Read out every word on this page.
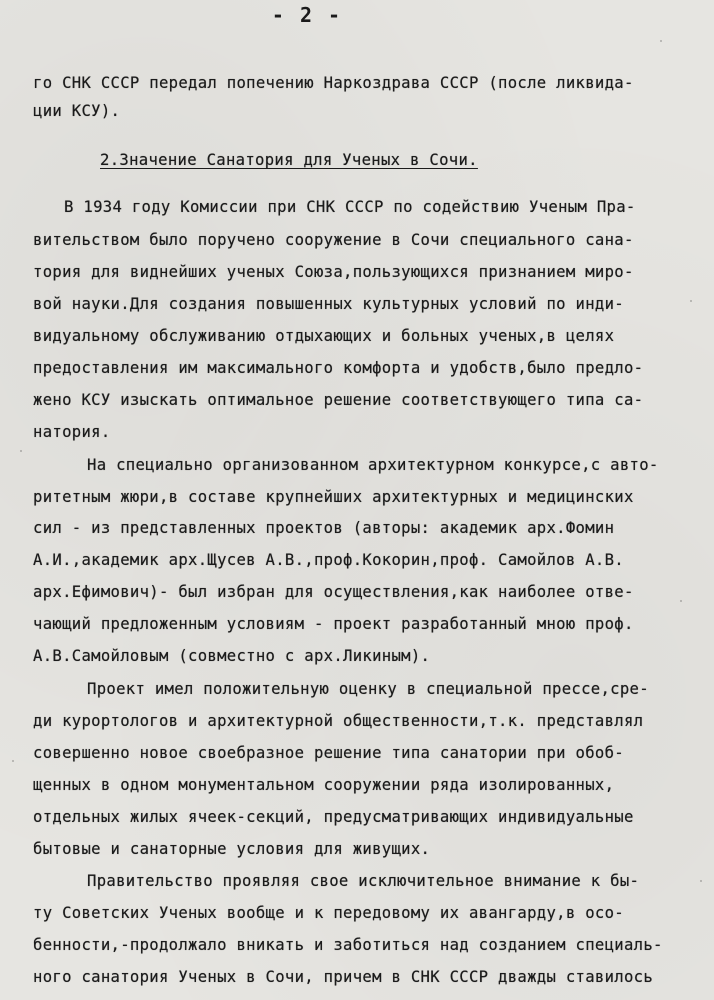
- 2 -
го СНК СССР передал попечению Наркоздрава СССР (после ликвида-
ции КСУ).
2.Значение Санатория для Ученых в Сочи.
В 1934 году Комиссии при СНК СССР по содействию Ученым Пра-
вительством было поручено сооружение в Сочи специального сана-
тория для виднейших ученых Союза,пользующихся признанием миро-
вой науки.Для создания повышенных культурных условий по инди-
видуальному обслуживанию отдыхающих и больных ученых,в целях
предоставления им максимального комфорта и удобств,было предло-
жено КСУ изыскать оптимальное решение соответствующего типа са-
натория.
На специально организованном архитектурном конкурсе,с авто-
ритетным жюри,в составе крупнейших архитектурных и медицинских
сил - из представленных проектов (авторы: академик арх.Фомин
А.И.,академик арх.Щусев А.В.,проф.Кокорин,проф. Самойлов А.В.
арх.Ефимович)- был избран для осуществления,как наиболее отве-
чающий предложенным условиям - проект разработанный мною проф.
А.В.Самойловым (совместно с арх.Ликиным).
Проект имел положительную оценку в специальной прессе,сре-
ди курортологов и архитектурной общественности,т.к. представлял
совершенно новое своебразное решение типа санатории при обоб-
щенных в одном монументальном сооружении ряда изолированных,
отдельных жилых ячеек-секций, предусматривающих индивидуальные
бытовые и санаторные условия для живущих.
Правительство проявляя свое исключительное внимание к бы-
ту Советских Ученых вообще и к передовому их авангарду,в осо-
бенности,-продолжало вникать и заботиться над созданием специаль-
ного санатория Ученых в Сочи, причем в СНК СССР дважды ставилось
